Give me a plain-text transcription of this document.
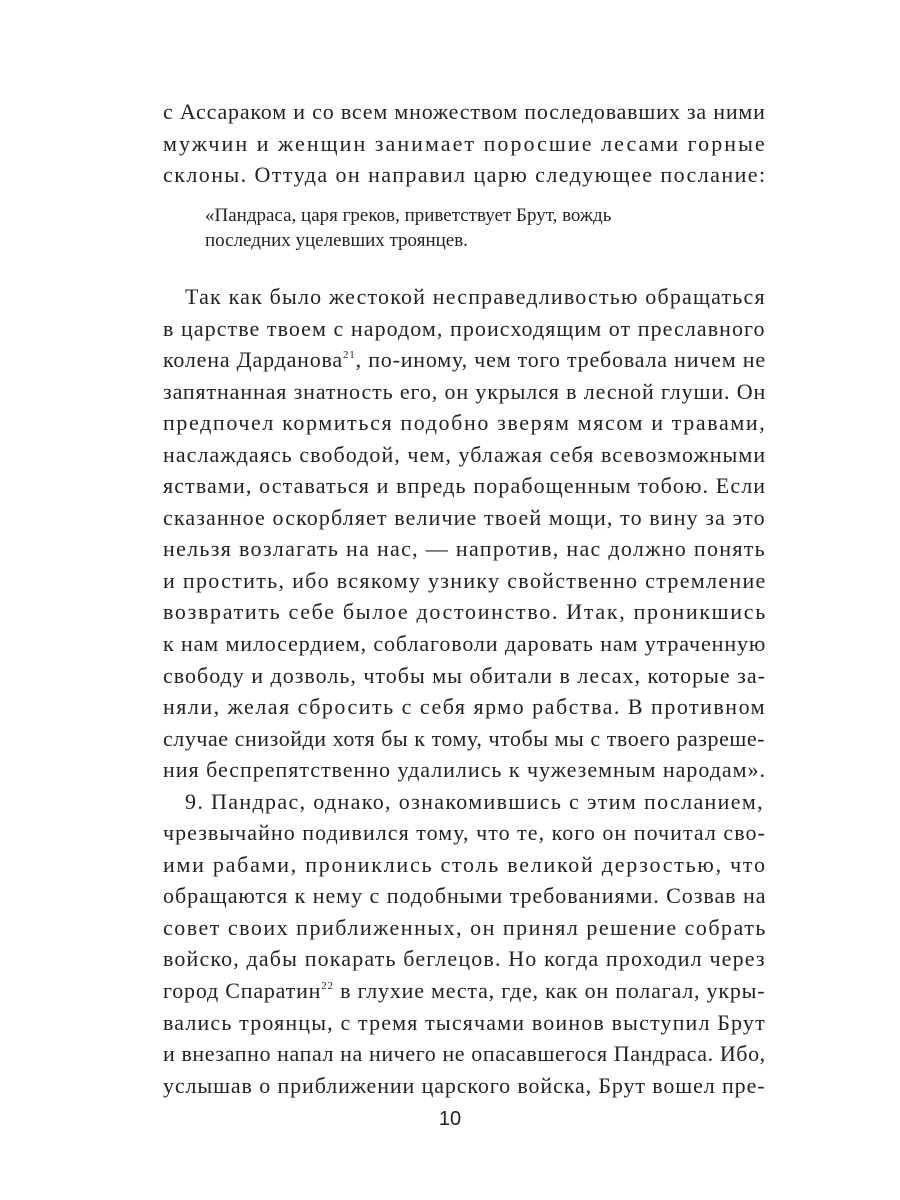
с Ассараком и со всем множеством последовавших за ними
мужчин и женщин занимает поросшие лесами горные
склоны. Оттуда он направил царю следующее послание:
«Пандраса, царя греков, приветствует Брут, вождь
последних уцелевших троянцев.
Так как было жестокой несправедливостью обращаться
в царстве твоем с народом, происходящим от преславного
колена Дарданова$^{21}$, по-иному, чем того требовала ничем не
запятнанная знатность его, он укрылся в лесной глуши. Он
предпочел кормиться подобно зверям мясом и травами,
наслаждаясь свободой, чем, ублажая себя всевозможными
яствами, оставаться и впредь порабощенным тобою. Если
сказанное оскорбляет величие твоей мощи, то вину за это
нельзя возлагать на нас, — напротив, нас должно понять
и простить, ибо всякому узнику свойственно стремление
возвратить себе былое достоинство. Итак, проникшись
к нам милосердием, соблаговоли даровать нам утраченную
свободу и дозволь, чтобы мы обитали в лесах, которые за-
няли, желая сбросить с себя ярмо рабства. В противном
случае снизойди хотя бы к тому, чтобы мы с твоего разреше-
ния беспрепятственно удалились к чужеземным народам».
9. Пандрас, однако, ознакомившись с этим посланием,
чрезвычайно подивился тому, что те, кого он почитал сво-
ими рабами, прониклись столь великой дерзостью, что
обращаются к нему с подобными требованиями. Созвав на
совет своих приближенных, он принял решение собрать
войско, дабы покарать беглецов. Но когда проходил через
город Спаратин$^{22}$ в глухие места, где, как он полагал, укры-
вались троянцы, с тремя тысячами воинов выступил Брут
и внезапно напал на ничего не опасавшегося Пандраса. Ибо,
услышав о приближении царского войска, Брут вошел пре-
10
